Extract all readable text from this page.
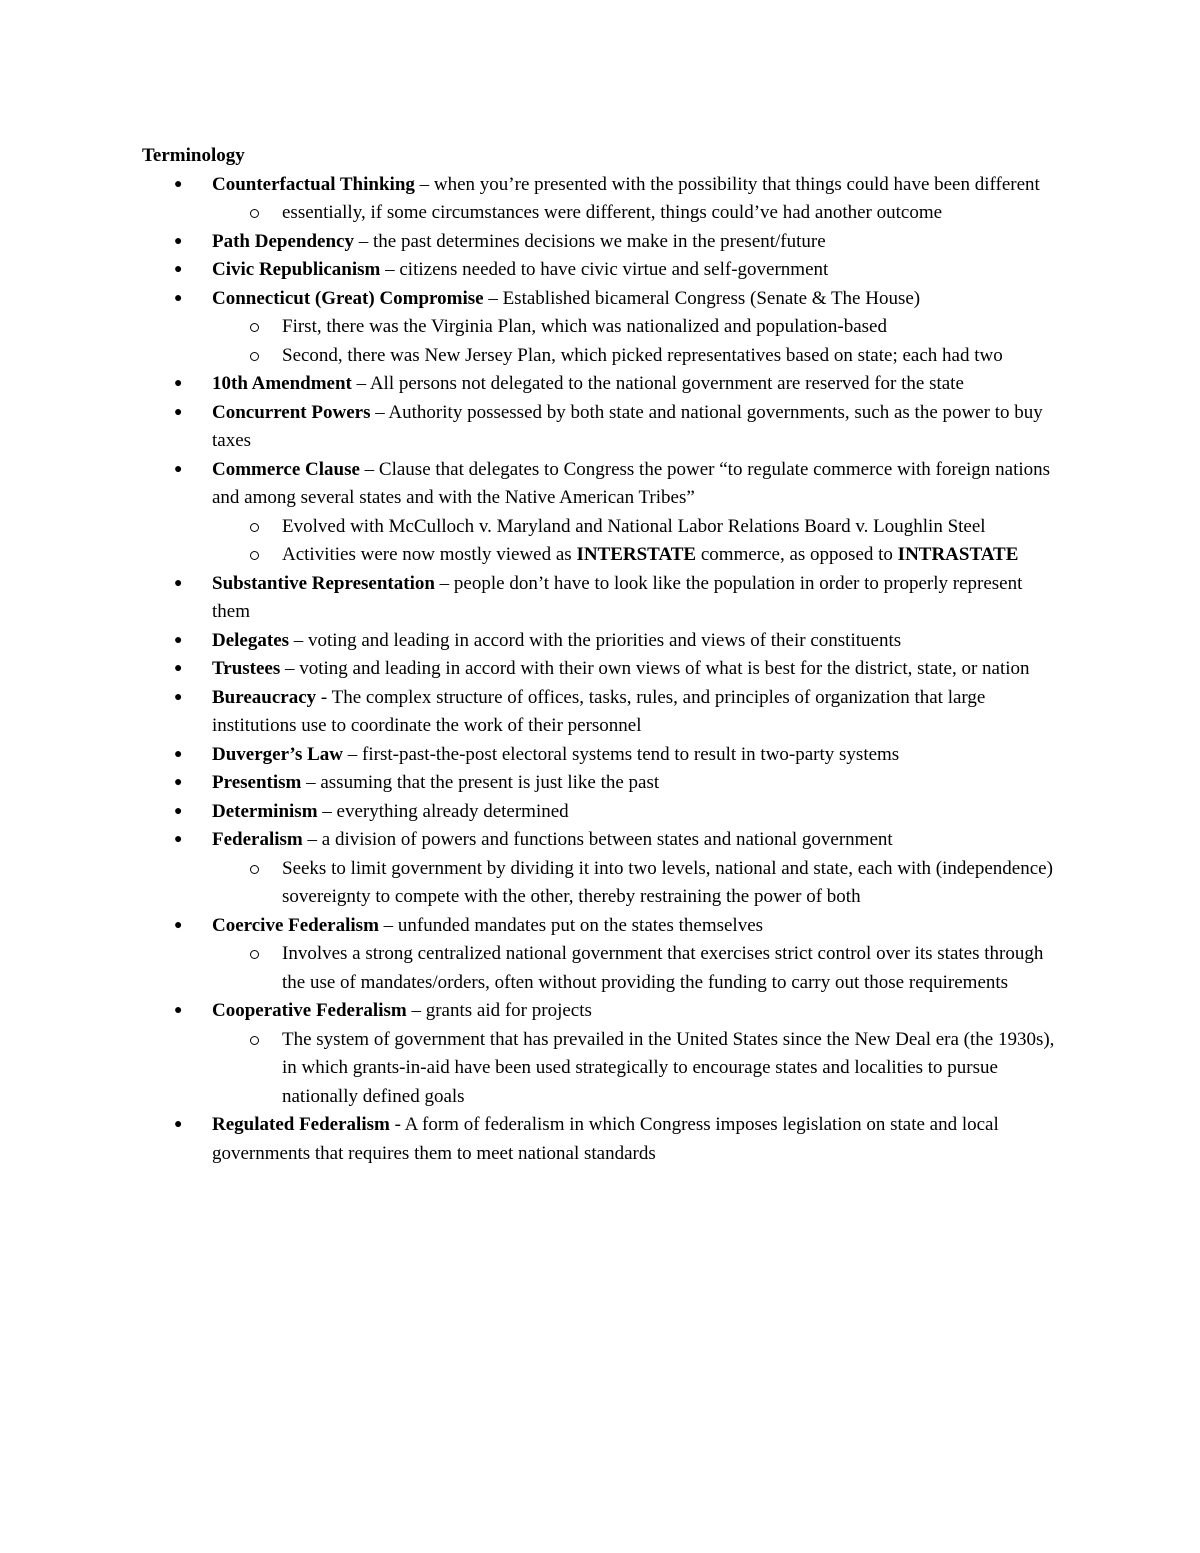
Terminology

● Counterfactual Thinking – when you’re presented with the possibility that things could have been different
essentially, if some circumstances were different, things could’ve had another outcome
● Path Dependency – the past determines decisions we make in the present/future
● Civic Republicanism – citizens needed to have civic virtue and self-government
● Connecticut (Great) Compromise – Established bicameral Congress (Senate & The House)
First, there was the Virginia Plan, which was nationalized and population-based
Second, there was New Jersey Plan, which picked representatives based on state; each had two
● 10th Amendment – All persons not delegated to the national government are reserved for the state
● Concurrent Powers – Authority possessed by both state and national governments, such as the power to buy taxes
● Commerce Clause – Clause that delegates to Congress the power “to regulate commerce with foreign nations and among several states and with the Native American Tribes”
Evolved with McCulloch v. Maryland and National Labor Relations Board v. Loughlin Steel
Activities were now mostly viewed as INTERSTATE commerce, as opposed to INTRASTATE
● Substantive Representation – people don’t have to look like the population in order to properly represent them
● Delegates – voting and leading in accord with the priorities and views of their constituents
● Trustees – voting and leading in accord with their own views of what is best for the district, state, or nation
● Bureaucracy - The complex structure of offices, tasks, rules, and principles of organization that large institutions use to coordinate the work of their personnel
● Duverger’s Law – first-past-the-post electoral systems tend to result in two-party systems
● Presentism – assuming that the present is just like the past
● Determinism – everything already determined
● Federalism – a division of powers and functions between states and national government
Seeks to limit government by dividing it into two levels, national and state, each with (independence) sovereignty to compete with the other, thereby restraining the power of both
● Coercive Federalism – unfunded mandates put on the states themselves
Involves a strong centralized national government that exercises strict control over its states through the use of mandates/orders, often without providing the funding to carry out those requirements
● Cooperative Federalism – grants aid for projects
The system of government that has prevailed in the United States since the New Deal era (the 1930s), in which grants-in-aid have been used strategically to encourage states and localities to pursue nationally defined goals
● Regulated Federalism - A form of federalism in which Congress imposes legislation on state and local governments that requires them to meet national standards
